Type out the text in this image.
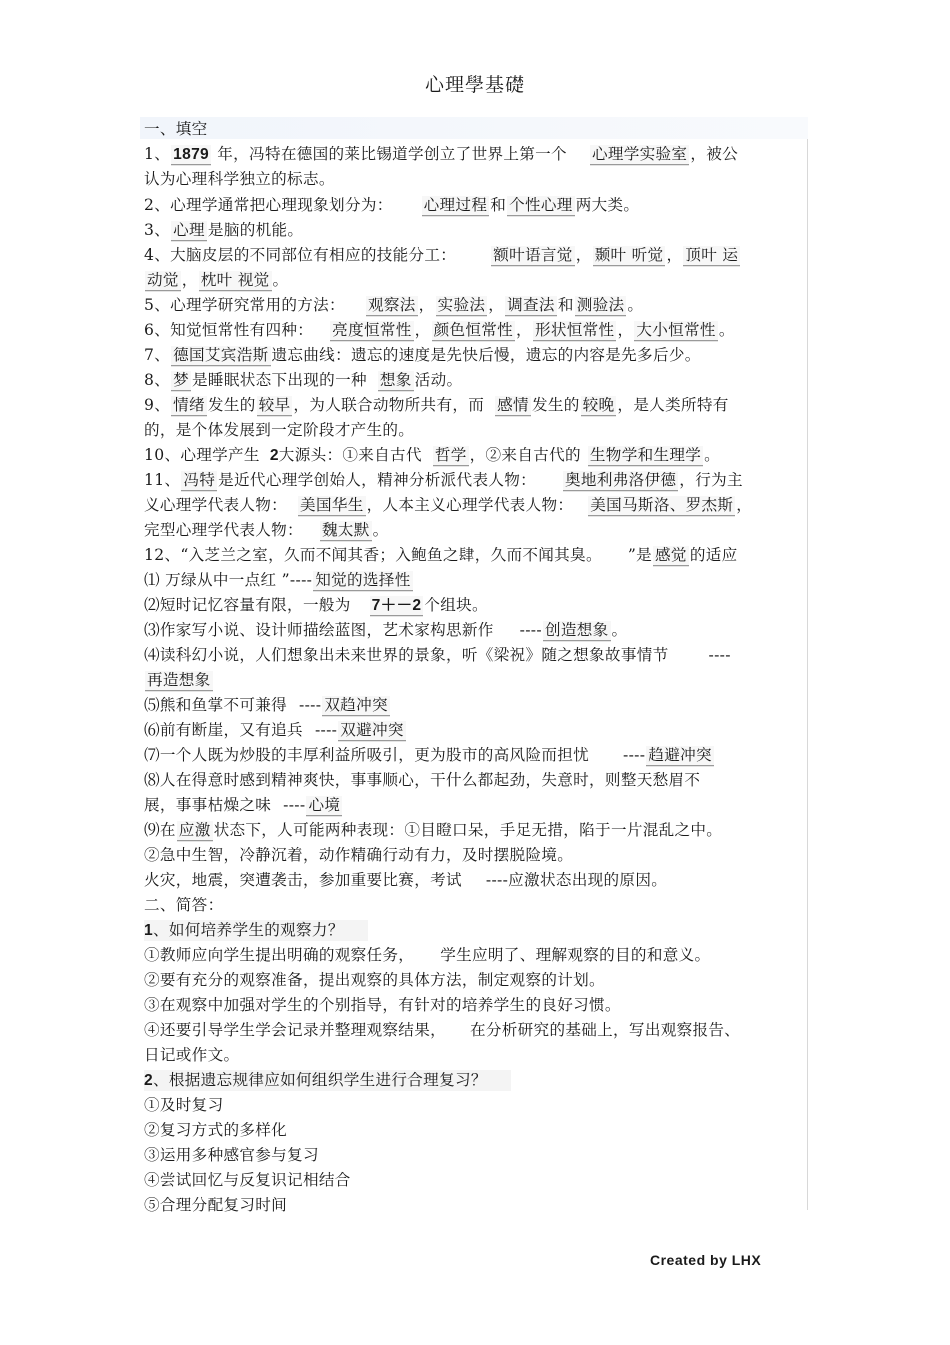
心理學基礎
一、填空
1、 1879 年，冯特在德国的莱比锡道学创立了世界上第一个 心理学实验室 ，被公
认为心理科学独立的标志。
2、心理学通常把心理现象划分为： 心理过程 和 个性心理 两大类。
3、 心理 是脑的机能。
4、大脑皮层的不同部位有相应的技能分工： 额叶语言觉 ， 颞叶 听觉 ， 顶叶 运
动觉 ， 枕叶 视觉 。
5、心理学研究常用的方法： 观察法 ， 实验法 ， 调查法 和 测验法 。
6、知觉恒常性有四种： 亮度恒常性 ， 颜色恒常性 ， 形状恒常性 ， 大小恒常性 。
7、 德国艾宾浩斯 遗忘曲线：遗忘的速度是先快后慢，遗忘的内容是先多后少。
8、 梦 是睡眠状态下出现的一种 想象 活动。
9、 情绪 发生的 较早 ，为人联合动物所共有，而 感情 发生的 较晚 ，是人类所特有
的，是个体发展到一定阶段才产生的。
10、心理学产生 2大源头：①来自古代 哲学 ，②来自古代的 生物学和生理学 。
11、 冯特 是近代心理学创始人，精神分析派代表人物： 奥地利弗洛伊德 ，行为主
义心理学代表人物： 美国华生 ，人本主义心理学代表人物： 美国马斯洛、罗杰斯 ，
完型心理学代表人物： 魏太默 。
12、“入芝兰之室，久而不闻其香；入鲍鱼之肆，久而不闻其臭。 ”是 感觉 的适应
⑴ 万绿从中一点红 ”---- 知觉的选择性
⑵短时记忆容量有限，一般为 7＋－2 个组块。
⑶作家写小说、设计师描绘蓝图，艺术家构思新作 ---- 创造想象 。
⑷读科幻小说，人们想象出未来世界的景象，听《梁祝》随之想象故事情节	----
再造想象
⑸熊和鱼掌不可兼得 ---- 双趋冲突
⑹前有断崖，又有追兵 ---- 双避冲突
⑺一个人既为炒股的丰厚利益所吸引，更为股市的高风险而担忧 ---- 趋避冲突
⑻人在得意时感到精神爽快，事事顺心，干什么都起劲，失意时，则整天愁眉不
展，事事枯燥之味 ---- 心境
⑼在 应激 状态下，人可能两种表现：①目瞪口呆，手足无措，陷于一片混乱之中。
②急中生智，冷静沉着，动作精确行动有力，及时摆脱险境。
火灾，地震，突遭袭击，参加重要比赛，考试 ----应激状态出现的原因。
二、简答：
1、如何培养学生的观察力？
①教师应向学生提出明确的观察任务， 学生应明了、理解观察的目的和意义。
②要有充分的观察准备，提出观察的具体方法，制定观察的计划。
③在观察中加强对学生的个别指导，有针对的培养学生的良好习惯。
④还要引导学生学会记录并整理观察结果， 在分析研究的基础上，写出观察报告、
日记或作文。
2、根据遗忘规律应如何组织学生进行合理复习？
①及时复习
②复习方式的多样化
③运用多种感官参与复习
④尝试回忆与反复识记相结合
⑤合理分配复习时间
Created by LHX
